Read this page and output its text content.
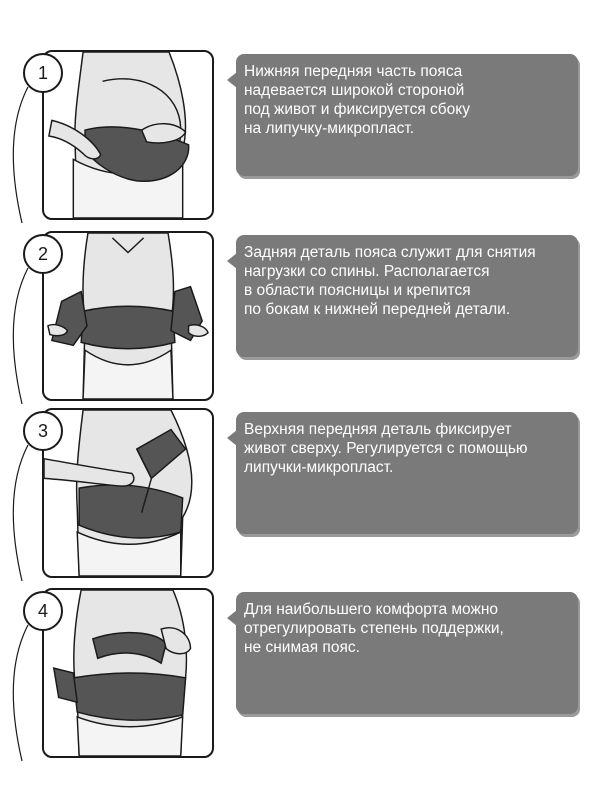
1	Нижняя передняя часть пояса
надевается широкой стороной
под живот и фиксируется сбоку
на липучку-микропласт.
2	Задняя деталь пояса служит для снятия
нагрузки со спины. Располагается
в области поясницы и крепится
по бокам к нижней передней детали.
3	Верхняя передняя деталь фиксирует
живот сверху. Регулируется с помощью
липучки-микропласт.
4	Для наибольшего комфорта можно
отрегулировать степень поддержки,
не снимая пояс.
